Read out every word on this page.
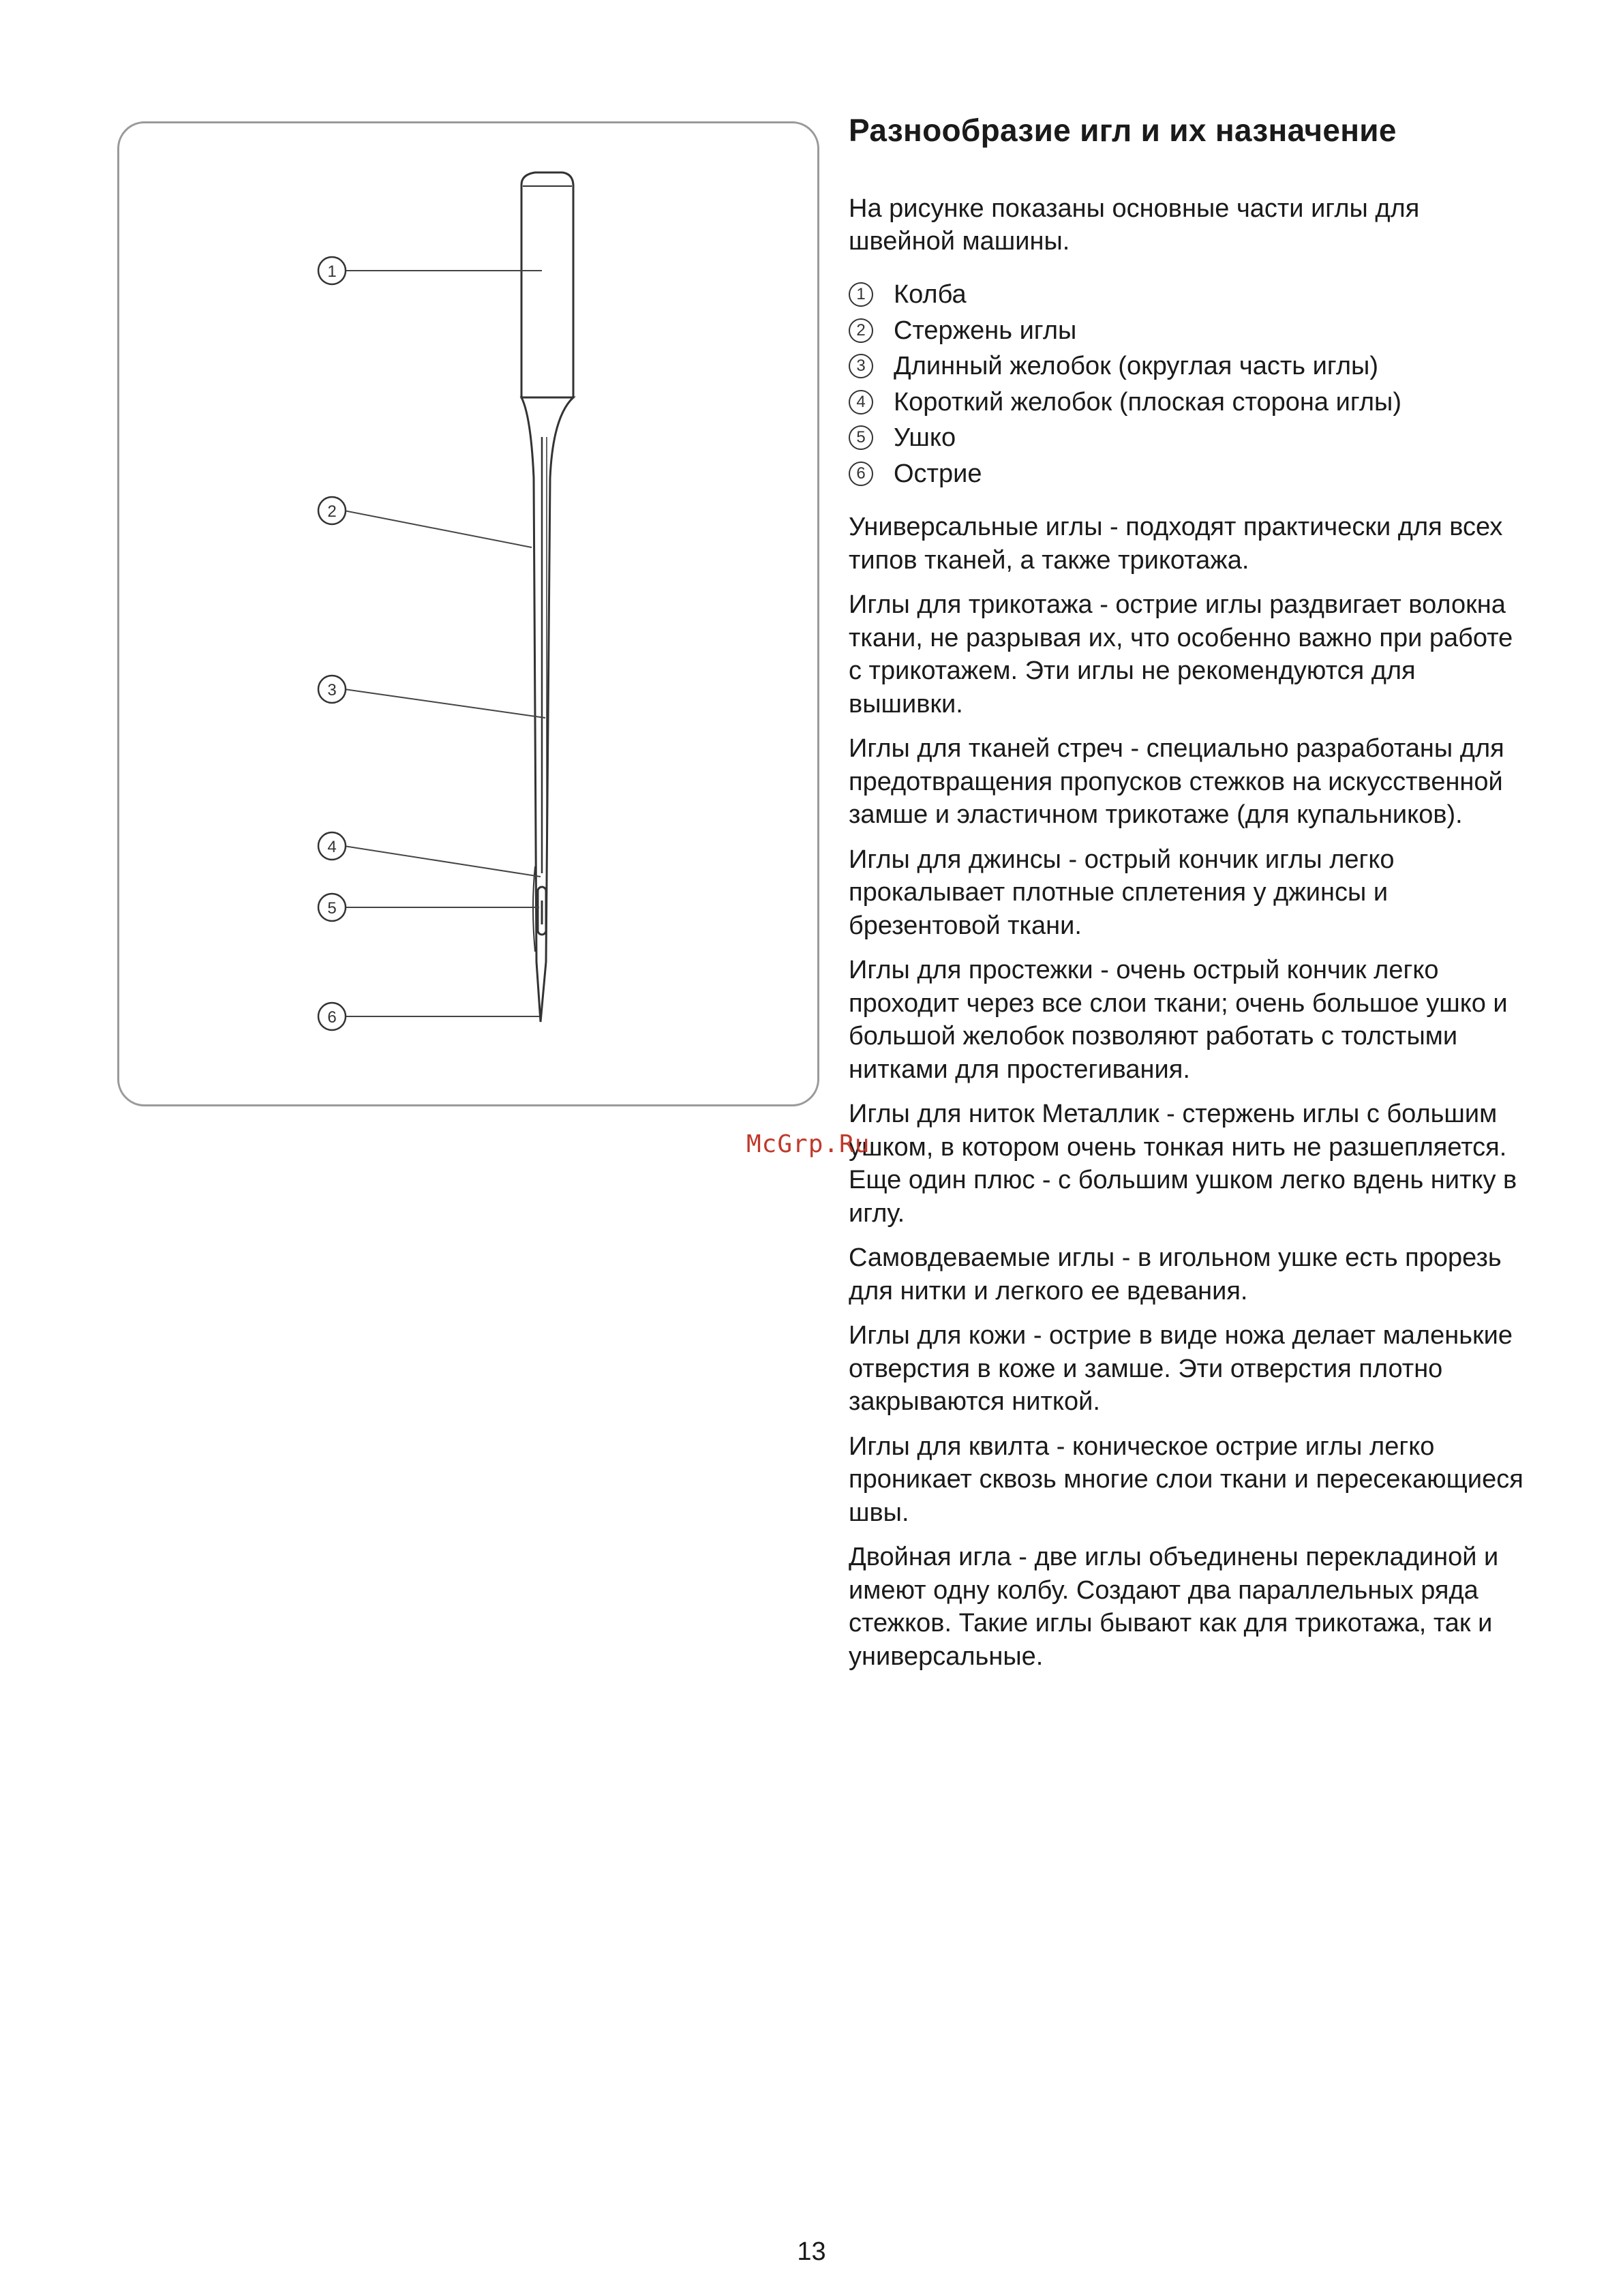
1
2
3
4
5
6
Разнообразие игл и их назначение

На рисунке показаны основные части иглы для швейной машины.

1 Колба
2 Стержень иглы
3 Длинный желобок (округлая часть иглы)
4 Короткий желобок (плоская сторона иглы)
5 Ушко
6 Острие

Универсальные иглы - подходят практически для всех типов тканей, а также трикотажа.

Иглы для трикотажа - острие иглы раздвигает волокна ткани, не разрывая их, что особенно важно при работе с трикотажем. Эти иглы не рекомендуются для вышивки.

Иглы для тканей стреч - специально разработаны для предотвращения пропусков стежков на искусственной замше и эластичном трикотаже (для купальников).

Иглы для джинсы - острый кончик иглы легко прокалывает плотные сплетения у джинсы и брезентовой ткани.

Иглы для простежки - очень острый кончик легко проходит через все слои ткани; очень большое ушко и большой желобок позволяют работать с толстыми нитками для простегивания.

Иглы для ниток Металлик - стержень иглы с большим ушком, в котором очень тонкая нить не разшепляется. Еще один плюс - с большим ушком легко вдень нитку в иглу.

Самовдеваемые иглы - в игольном ушке есть прорезь для нитки и легкого ее вдевания.

Иглы для кожи - острие в виде ножа делает маленькие отверстия в коже и замше. Эти отверстия плотно закрываются ниткой.

Иглы для квилта - коническое острие иглы легко проникает сквозь многие слои ткани и пересекающиеся швы.

Двойная игла - две иглы объединены перекладиной и имеют одну колбу. Создают два параллельных ряда стежков. Такие иглы бывают как для трикотажа, так и универсальные.

McGrp.Ru
13
